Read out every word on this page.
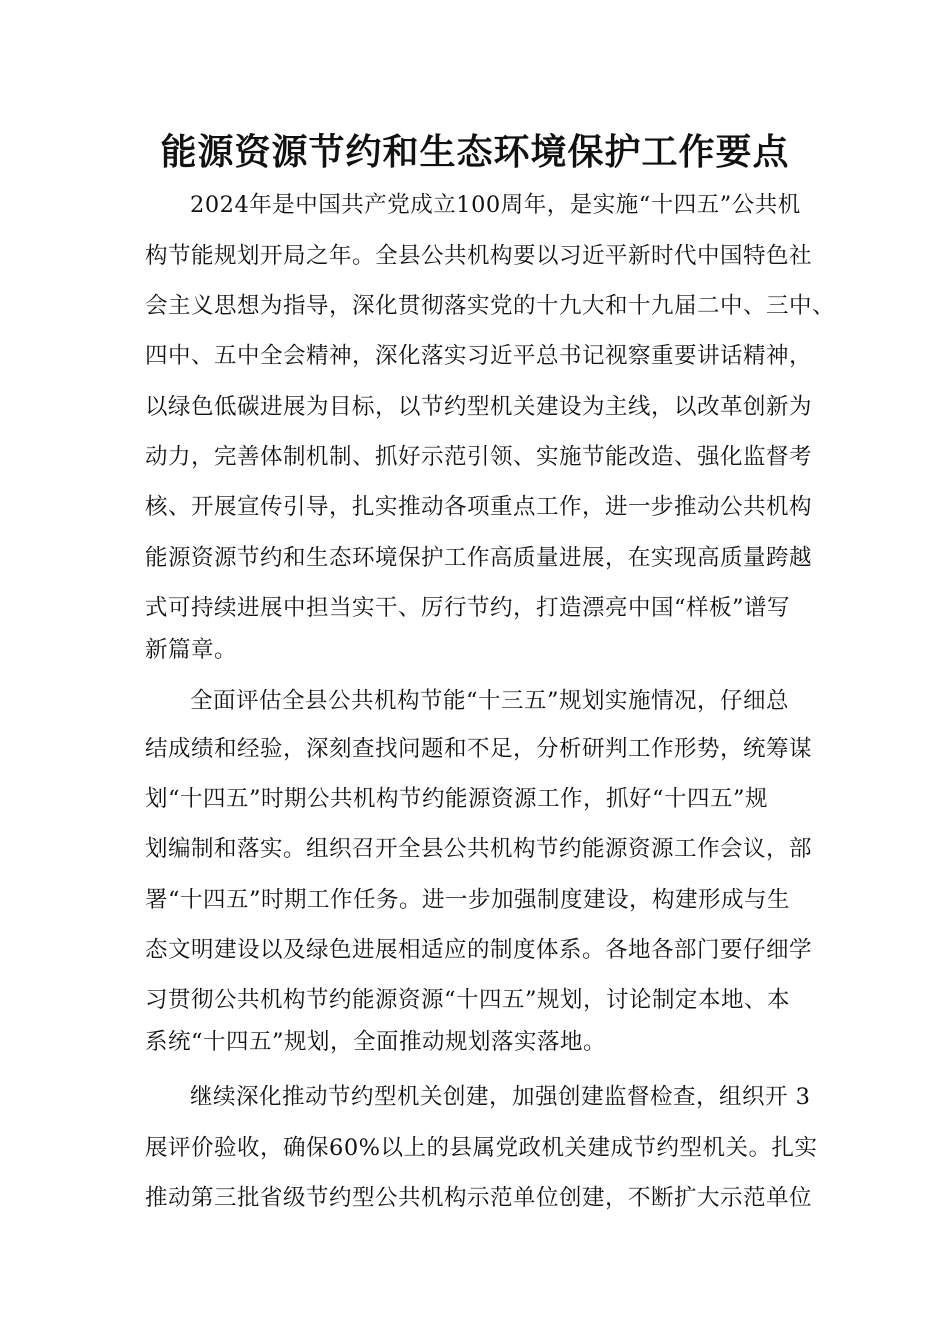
能源资源节约和生态环境保护工作要点
2024年是中国共产党成立100周年，是实施“十四五”公共机
构节能规划开局之年。全县公共机构要以习近平新时代中国特色社
会主义思想为指导，深化贯彻落实党的十九大和十九届二中、三中、
四中、五中全会精神，深化落实习近平总书记视察重要讲话精神，
以绿色低碳进展为目标，以节约型机关建设为主线，以改革创新为
动力，完善体制机制、抓好示范引领、实施节能改造、强化监督考
核、开展宣传引导，扎实推动各项重点工作，进一步推动公共机构
能源资源节约和生态环境保护工作高质量进展，在实现高质量跨越
式可持续进展中担当实干、厉行节约，打造漂亮中国“样板”谱写
新篇章。
全面评估全县公共机构节能“十三五”规划实施情况，仔细总
结成绩和经验，深刻查找问题和不足，分析研判工作形势，统筹谋
划“十四五”时期公共机构节约能源资源工作，抓好“十四五”规
划编制和落实。组织召开全县公共机构节约能源资源工作会议，部
署“十四五”时期工作任务。进一步加强制度建设，构建形成与生
态文明建设以及绿色进展相适应的制度体系。各地各部门要仔细学
习贯彻公共机构节约能源资源“十四五”规划，讨论制定本地、本
系统“十四五”规划，全面推动规划落实落地。
继续深化推动节约型机关创建，加强创建监督检查，组织开 3
展评价验收，确保60%以上的县属党政机关建成节约型机关。扎实
推动第三批省级节约型公共机构示范单位创建，不断扩大示范单位
